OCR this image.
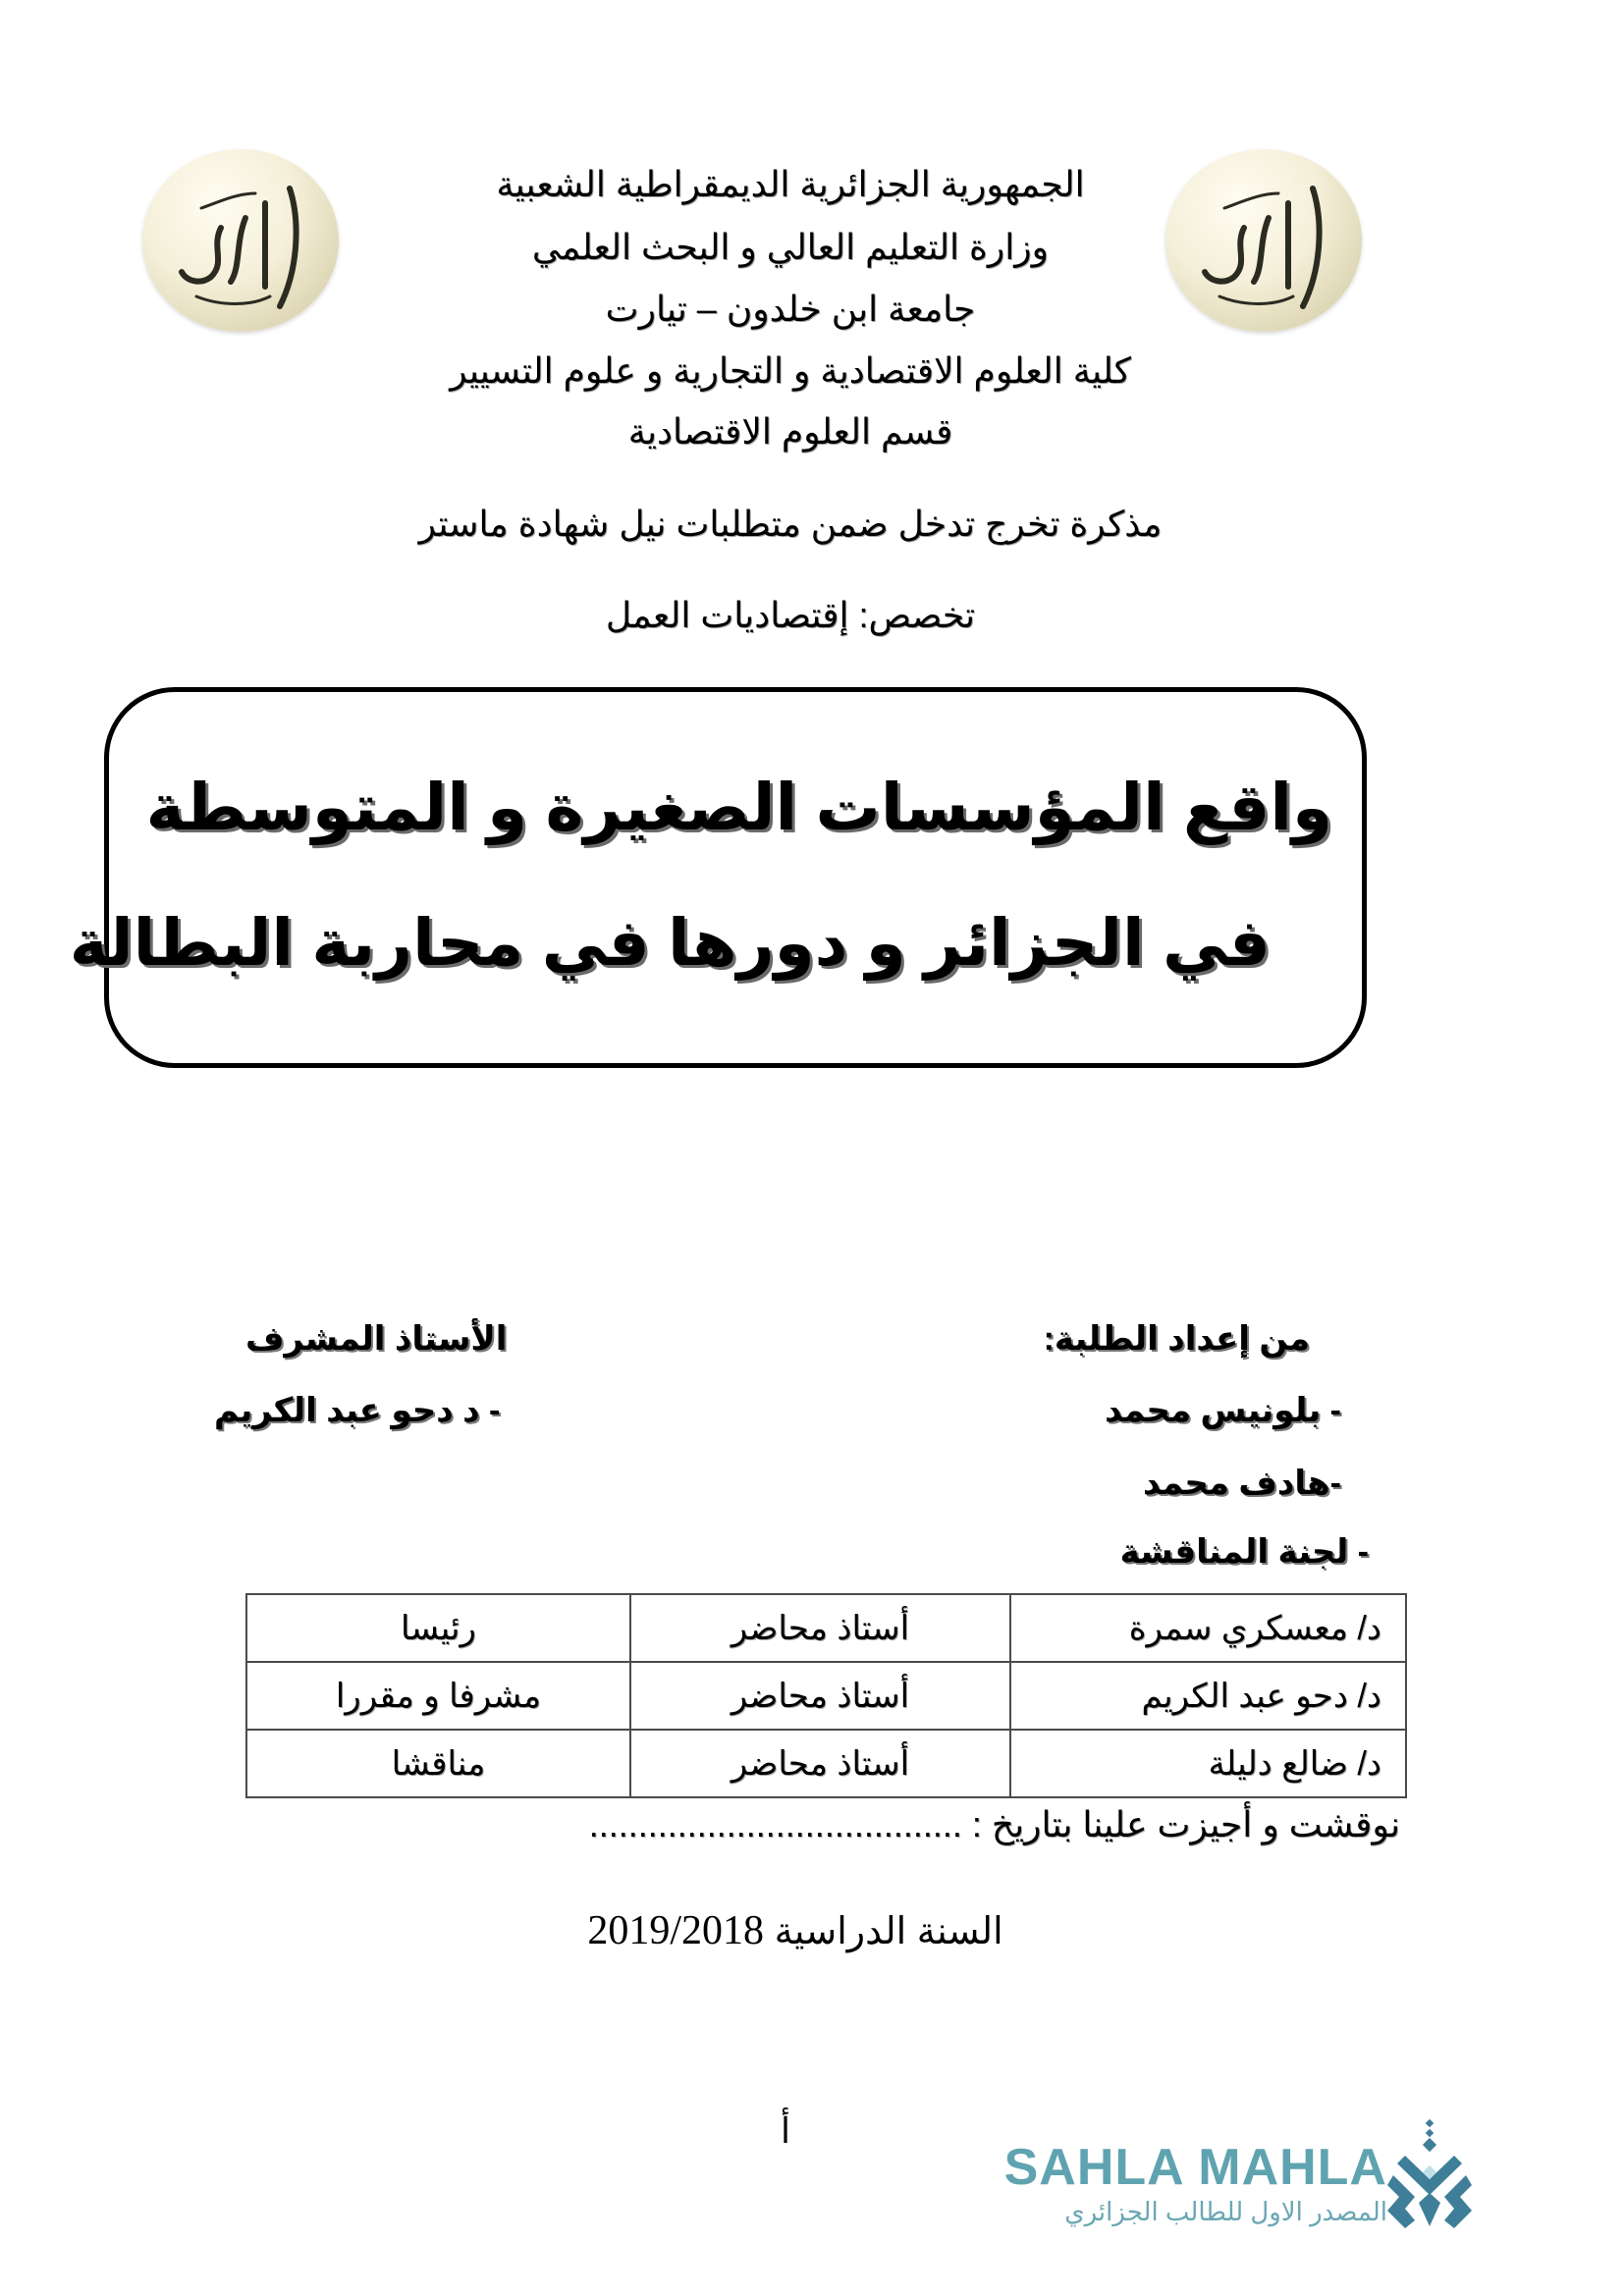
الجمهورية الجزائرية الديمقراطية الشعبية
وزارة التعليم العالي و البحث العلمي
جامعة ابن خلدون – تيارت
كلية العلوم الاقتصادية و التجارية و علوم التسيير
قسم العلوم الاقتصادية
مذكرة تخرج تدخل ضمن متطلبات نيل شهادة ماستر
تخصص: إقتصاديات العمل
واقع المؤسسات الصغيرة و المتوسطة
في الجزائر و دورها في محاربة البطالة
من إعداد الطلبة:
- بلونيس محمد
-هادف محمد
- لجنة المناقشة
الأستاذ المشرف
- د دحو عبد الكريم
د/ معسكري سمرة	أستاذ محاضر	رئيسا
د/ دحو عبد الكريم	أستاذ محاضر	مشرفا و مقررا
د/ ضالع دليلة	أستاذ محاضر	مناقشا
نوقشت و أجيزت علينا بتاريخ : ......................................
السنة الدراسية 2019/2018
أ
SAHLA MAHLA
المصدر الاول للطالب الجزائري
